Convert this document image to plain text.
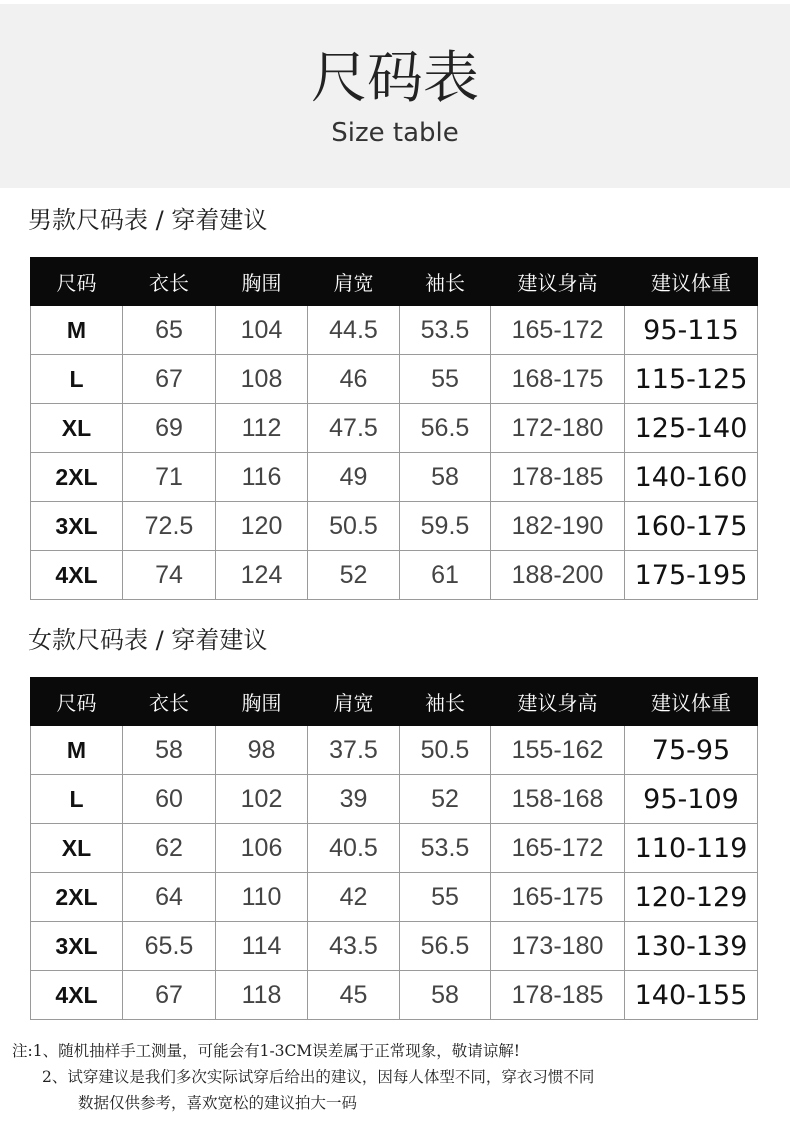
尺码表
Size table
男款尺码表 / 穿着建议
尺码	衣长	胸围	肩宽	袖长	建议身高	建议体重
M	65	104	44.5	53.5	165-172	95-115
L	67	108	46	55	168-175	115-125
XL	69	112	47.5	56.5	172-180	125-140
2XL	71	116	49	58	178-185	140-160
3XL	72.5	120	50.5	59.5	182-190	160-175
4XL	74	124	52	61	188-200	175-195
女款尺码表 / 穿着建议
尺码	衣长	胸围	肩宽	袖长	建议身高	建议体重
M	58	98	37.5	50.5	155-162	75-95
L	60	102	39	52	158-168	95-109
XL	62	106	40.5	53.5	165-172	110-119
2XL	64	110	42	55	165-175	120-129
3XL	65.5	114	43.5	56.5	173-180	130-139
4XL	67	118	45	58	178-185	140-155
注:1、随机抽样手工测量，可能会有1-3CM误差属于正常现象，敬请谅解!
2、试穿建议是我们多次实际试穿后给出的建议，因每人体型不同，穿衣习惯不同
数据仅供参考，喜欢宽松的建议拍大一码
